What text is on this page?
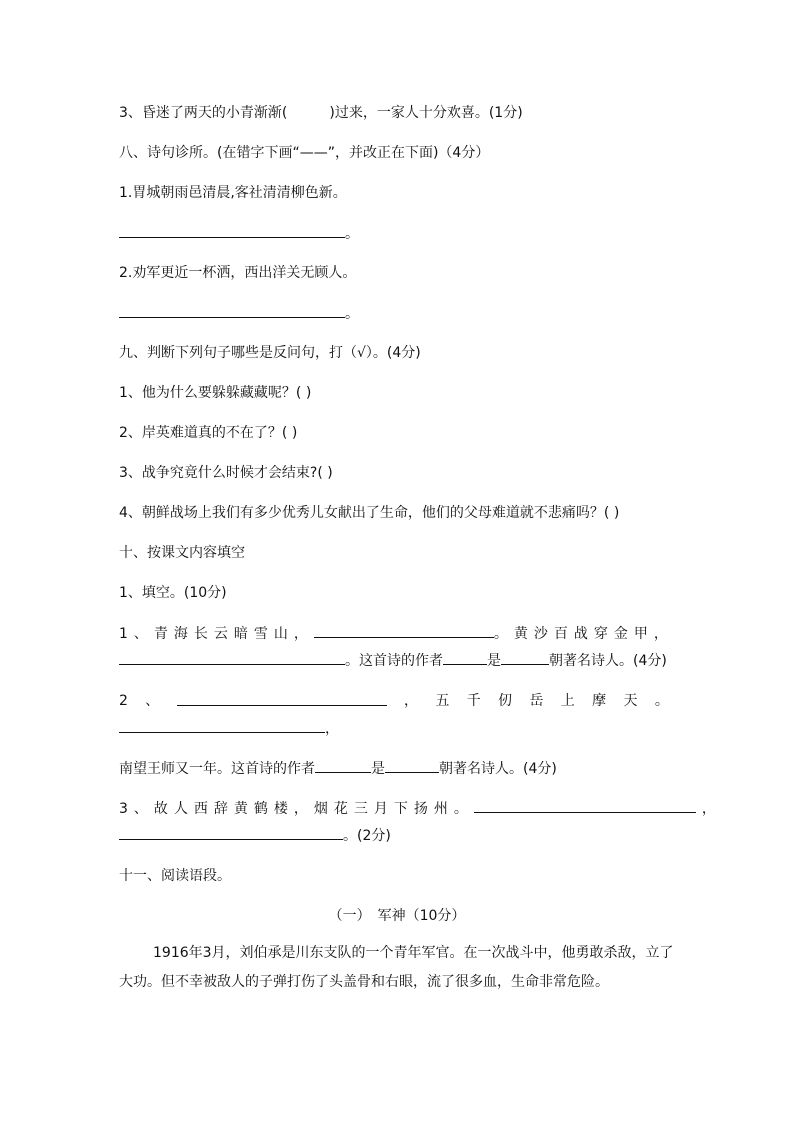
3、昏迷了两天的小青渐渐(　　　)过来，一家人十分欢喜。(1分)
八、诗句诊所。(在错字下画“——”，并改正在下面)（4分）
1.胃城朝雨邑清晨,客社清清柳色新。
。
2.劝军更近一杯洒，西出洋关无顾人。
。
九、判断下列句子哪些是反问句，打（√）。(4分)
1、他为什么要躲躲藏藏呢？( )
2、岸英难道真的不在了？( )
3、战争究竟什么时候才会结束?( )
4、朝鲜战场上我们有多少优秀儿女献出了生命，他们的父母难道就不悲痛吗？( )
十、按课文内容填空
1、填空。(10分)
1、青海长云暗雪山，	。黄沙百战穿金甲，
。这首诗的作者	是	朝著名诗人。(4分)
2 、	， 五 千 仞 岳 上 摩 天 。
，
南望王师又一年。这首诗的作者	是	朝著名诗人。(4分)
3、故人西辞黄鹤楼，烟花三月下扬州。	，
。(2分)
十一、阅读语段。
（一）　军神（10分）
1916年3月，刘伯承是川东支队的一个青年军官。在一次战斗中，他勇敢杀敌，立了大功。但不幸被敌人的子弹打伤了头盖骨和右眼，流了很多血，生命非常危险。
